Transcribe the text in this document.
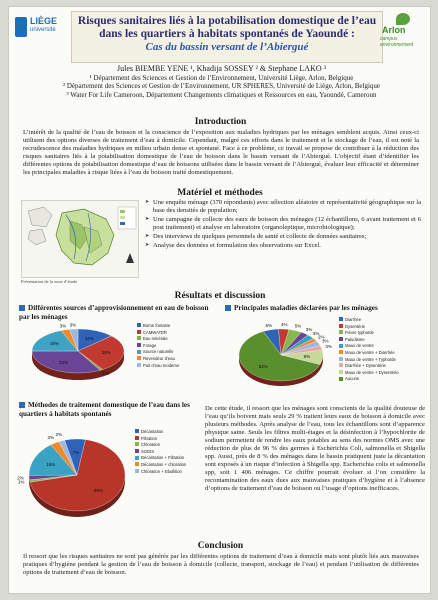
LIÈGE
université
Risques sanitaires liés à la potabilisation domestique de l’eau dans les quartiers à habitats spontanés de Yaoundé :
Cas du bassin versant de l’Abiergué
Arlon
campus environnement
Jules BIEMBE YENE ¹, Khadija SOSSEY ² & Stephane LAKO ³
¹ Département des Sciences et Gestion de l’Environnement, Université Liège, Arlon, Belgique
² Département des Sciences et Gestion de l’Environnement, UR SPHERES, Université de Liège, Arlon, Belgique
³ Water For Life Cameroon, Département Changements climatiques et Ressources en eau, Yaoundé, Cameroun
Introduction
L’intérêt de la qualité de l’eau de boisson et la conscience de l’exposition aux maladies hydriques par les ménages semblent acquis. Ainsi ceux-ci utilisent des options diverses de traitement d’eau à domicile. Cependant, malgré ces efforts dans le traitement et le stockage de l’eau, il est noté la recrudescence des maladies hydriques en milieu urbain dense et spontané. Face à ce problème, ce travail se propose de contribuer à la réduction des risques sanitaires liés à la potabilisation domestique de l’eau de boisson dans le bassin versant de l’Abiergué. L’objectif étant d’identifier les différentes options de potabilisation domestique d’eau de boissons utilisées dans le bassin versant de l’Abiergué, évaluer leur efficacité et déterminer les principales maladies à risque liées à l’eau de boisson traité domestiquement.
Matériel et méthodes
Présentation de la zone d’étude
➤ Une enquête ménage (370 répondants) avec sélection aléatoire et représentativité géographique sur la base des densités de population;
➤ Une campagne de collecte des eaux de boisson des ménages (12 échantillons, 6 avant traitement et 6 post traitement) et analyse en laboratoire (organoleptique, microbiologique);
➤ Des interviews de quelques personnels de santé et collecte de données sanitaires;
➤ Analyse des données et formulation des observations sur Excel.
Résultats et discussion
Différentes sources d’approvisionnement en eau de boisson par les ménages
13%
28%
1%
33%
19%
3% 3%	Borne fontaine
CAMWATER
Eau minérale
Forage
Source naturelle
Revendeur d’eau
Puit d’eau moderne
Principales maladies déclarées par les ménages
6% 4% 5%
3%
3%
2%
3%
3%
9%
62%
Diarrhée
Dysentérie
Fièvre typhoïde
Paludisme
Maux de ventre
Maux de ventre + Diarrhée
Maux de ventre + Typhoïde
Diarrhée + Dysentérie
Maux de ventre + Dysentérie
Aucune
Méthodes de traitement domestique de l’eau dans les quartiers à habitats spontanés
7%
69%
1%
2%
16%
3%
2%
Décantation
Filtration
Chloration
SODIS
Décantation + Filtration
Décantation + chloration
Chloration + Ebullition
De cette étude, il ressort que les ménages sont conscients de la qualité douteuse de l’eau qu’ils boivent mais seuls 29 % traitent leurs eaux de boisson à domicile avec plusieurs méthodes. Après analyse de l’eau, tous les échantillons sont d’apparence physique saine. Seuls les filtres multi-étages et la désinfection à l’hypochlorite de sodium permettent de rendre les eaux potables au sens des normes OMS avec une réduction de plus de 96 % des germes à Escherichia Coli, salmonella et Shigella spp. Aussi, près de 8 % des ménages dans le bassin pratiquent juste la décantation sont exposés à un risque d’infection à Shigella spp. Escherichia colis et salmonella spp, soit 1 406 ménages. Ce chiffre pourrait évoluer si l’on considère la recontamination des eaux dues aux mauvaises pratiques d’hygiène et à l’absence d’options de traitement d’eau de boisson ou l’usage d’options inefficaces.
Conclusion
Il ressort que les risques sanitaires ne sont pas générés par les différentes options de traitement d’eau à domicile mais sont plutôt liés aux mauvaises pratiques d’hygiène pendant la gestion de l’eau de boisson à domicile (collecte, transport, stockage de l’eau) et pendant l’utilisation de différentes options de traitement d’eau de boisson.
